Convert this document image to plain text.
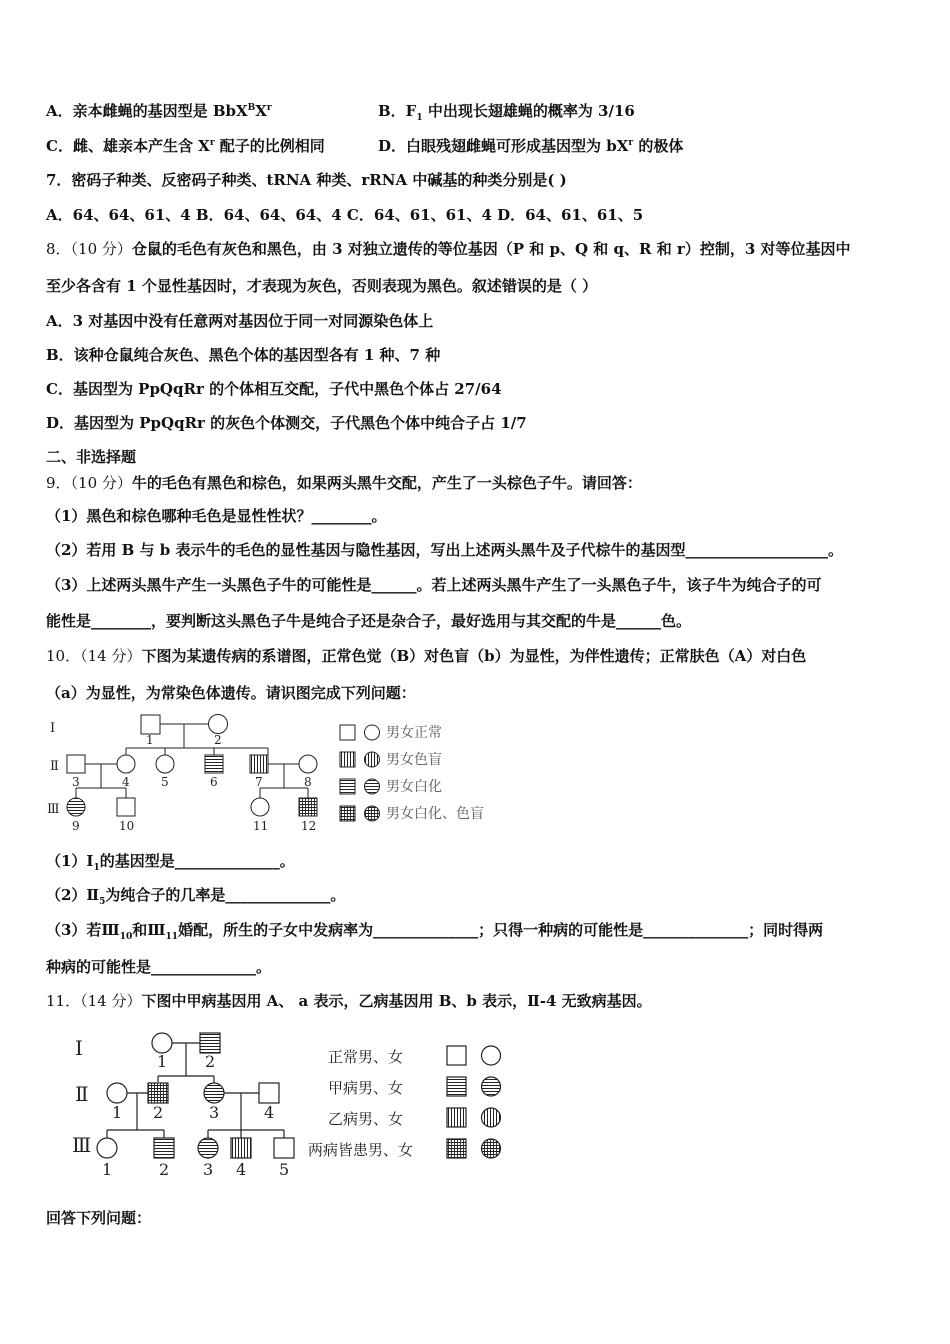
A．亲本雌蝇的基因型是 $BbX^BX^r$	B．$F_1$ 中出现长翅雄蝇的概率为 3/16
C．雌、雄亲本产生含 $X^r$ 配子的比例相同	D．白眼残翅雌蝇可形成基因型为 $bX^r$ 的极体
7．密码子种类、反密码子种类、tRNA 种类、rRNA 中碱基的种类分别是( )
A．64、64、61、4 B．64、64、64、4 C．64、61、61、4 D．64、61、61、5
8．（10 分）仓鼠的毛色有灰色和黑色，由 3 对独立遗传的等位基因（P 和 p、Q 和 q、R 和 r）控制，3 对等位基因中
至少各含有 1 个显性基因时，才表现为灰色，否则表现为黑色。叙述错误的是（ ）
A．3 对基因中没有任意两对基因位于同一对同源染色体上
B．该种仓鼠纯合灰色、黑色个体的基因型各有 1 种、7 种
C．基因型为 PpQqRr 的个体相互交配，子代中黑色个体占 27/64
D．基因型为 PpQqRr 的灰色个体测交，子代黑色个体中纯合子占 1/7
二、非选择题
9．（10 分）牛的毛色有黑色和棕色，如果两头黑牛交配，产生了一头棕色子牛。请回答：
（1）黑色和棕色哪种毛色是显性性状？________。
（2）若用 B 与 b 表示牛的毛色的显性基因与隐性基因，写出上述两头黑牛及子代棕牛的基因型___________________。
（3）上述两头黑牛产生一头黑色子牛的可能性是______。若上述两头黑牛产生了一头黑色子牛，该子牛为纯合子的可
能性是________，要判断这头黑色子牛是纯合子还是杂合子，最好选用与其交配的牛是______色。
10．（14 分）下图为某遗传病的系谱图，正常色觉（B）对色盲（b）为显性，为伴性遗传；正常肤色（A）对白色
（a）为显性，为常染色体遗传。请识图完成下列问题：
Ⅰ
Ⅱ
Ⅲ
1	2
3	4	5	6	7	8
9	10	11	12
男女正常
男女色盲
男女白化
男女白化、色盲
$(1)Ⅰ_1$的基因型是______________。
$(2)Ⅱ_5$为纯合子的几率是______________。
（3）若$Ⅲ_{10}$和$Ⅲ_{11}$婚配，所生的子女中发病率为______________；只得一种病的可能性是______________；同时得两
种病的可能性是______________。
11．（14 分）下图中甲病基因用 A、 a 表示，乙病基因用 B、b 表示，Ⅱ-4 无致病基因。
Ⅰ
Ⅱ
Ⅲ
1 2
1 2	3	4
1	2 3 4 5
正常男、女
甲病男、女
乙病男、女
两病皆患男、女
回答下列问题：
